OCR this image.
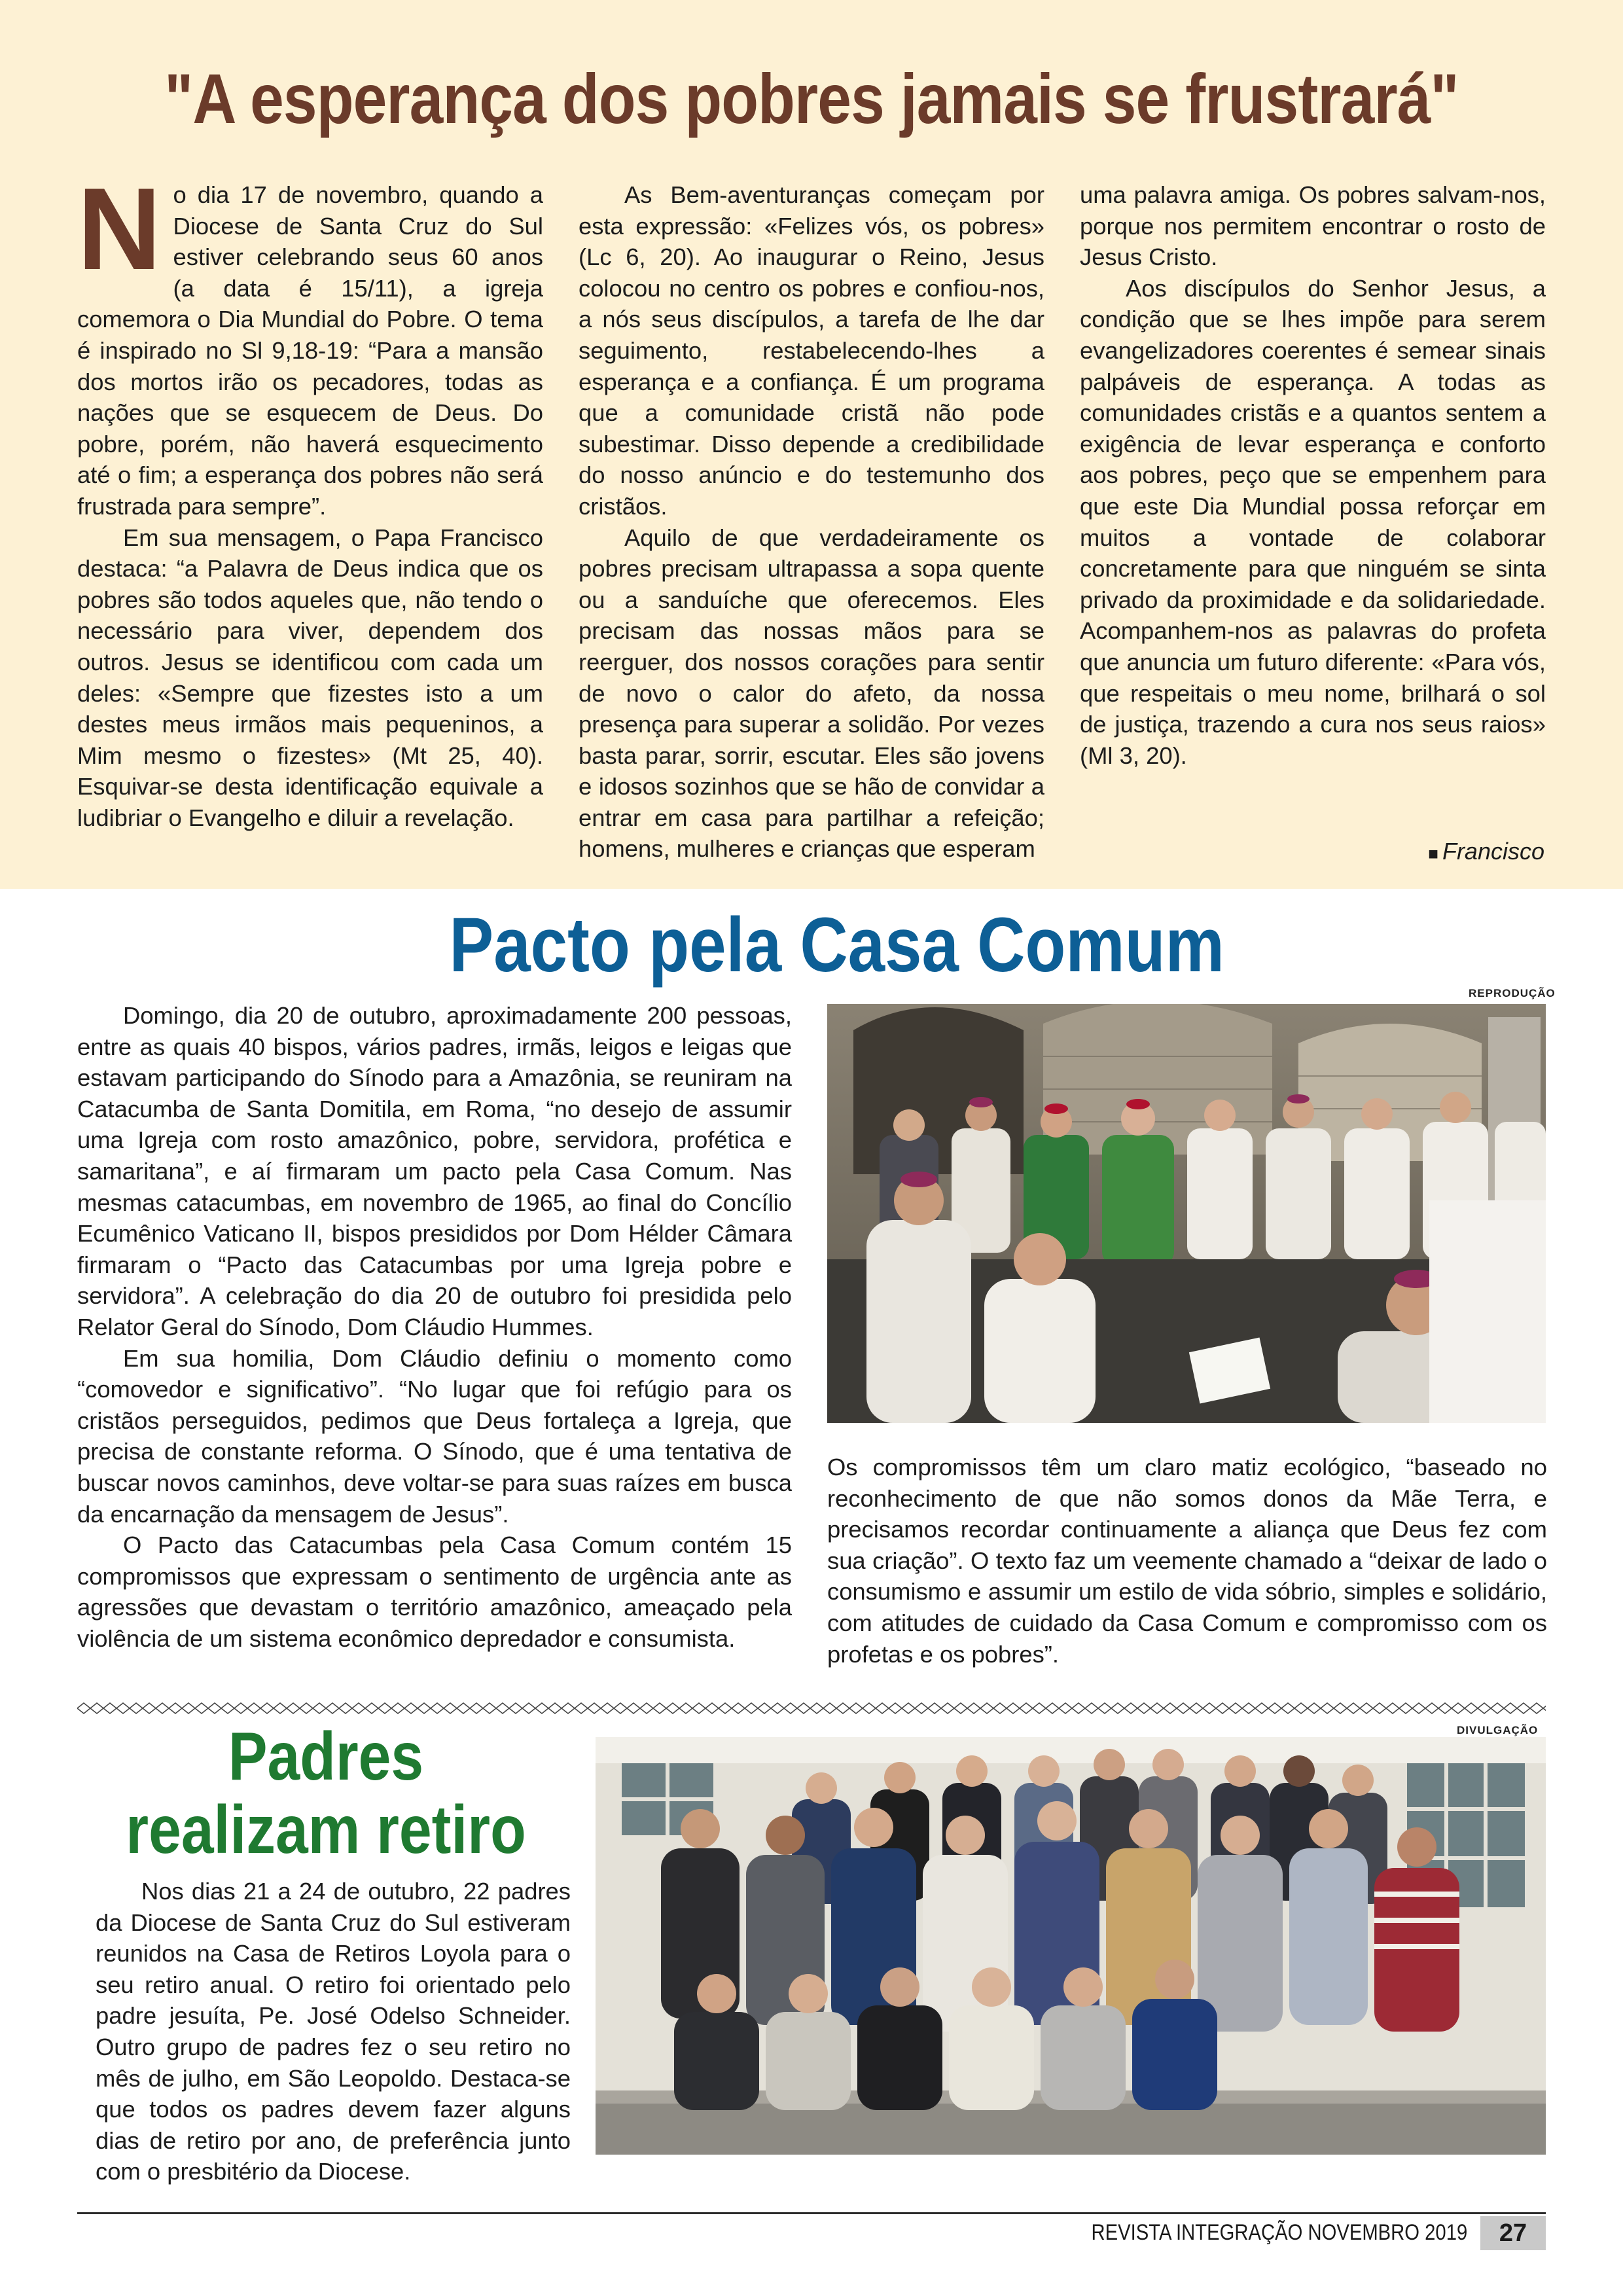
"A esperança dos pobres jamais se frustrará"
N o dia 17 de novembro, quando a Diocese de Santa Cruz do Sul estiver celebrando seus 60 anos (a data é 15/11), a igreja comemora o Dia Mundial do Pobre. O tema é inspirado no Sl 9,18-19: “Para a mansão dos mortos irão os pecadores, todas as nações que se esquecem de Deus. Do pobre, porém, não haverá esquecimento até o fim; a esperança dos pobres não será frustrada para sempre”.

Em sua mensagem, o Papa Francisco destaca: “a Palavra de Deus indica que os pobres são todos aqueles que, não tendo o necessário para viver, dependem dos outros. Jesus se identificou com cada um deles: «Sempre que fizestes isto a um destes meus irmãos mais pequeninos, a Mim mesmo o fizestes» (Mt 25, 40). Esquivar-se desta identificação equivale a ludibriar o Evangelho e diluir a revelação.

As Bem-aventuranças começam por esta expressão: «Felizes vós, os pobres» (Lc 6, 20). Ao inaugurar o Reino, Jesus colocou no centro os pobres e confiou-nos, a nós seus discípulos, a tarefa de lhe dar seguimento, restabelecendo-lhes a esperança e a confiança. É um programa que a comunidade cristã não pode subestimar. Disso depende a credibilidade do nosso anúncio e do testemunho dos cristãos.

Aquilo de que verdadeiramente os pobres precisam ultrapassa a sopa quente ou a sanduíche que oferecemos. Eles precisam das nossas mãos para se reerguer, dos nossos corações para sentir de novo o calor do afeto, da nossa presença para superar a solidão. Por vezes basta parar, sorrir, escutar. Eles são jovens e idosos sozinhos que se hão de convidar a entrar em casa para partilhar a refeição; homens, mulheres e crianças que esperam

uma palavra amiga. Os pobres salvam-nos, porque nos permitem encontrar o rosto de Jesus Cristo.

Aos discípulos do Senhor Jesus, a condição que se lhes impõe para serem evangelizadores coerentes é semear sinais palpáveis de esperança. A todas as comunidades cristãs e a quantos sentem a exigência de levar esperança e conforto aos pobres, peço que se empenhem para que este Dia Mundial possa reforçar em muitos a vontade de colaborar concretamente para que ninguém se sinta privado da proximidade e da solidariedade. Acompanhem-nos as palavras do profeta que anuncia um futuro diferente: «Para vós, que respeitais o meu nome, brilhará o sol de justiça, trazendo a cura nos seus raios» (Ml 3, 20).

■ Francisco
Pacto pela Casa Comum
REPRODUÇÃO

Domingo, dia 20 de outubro, aproximadamente 200 pessoas, entre as quais 40 bispos, vários padres, irmãs, leigos e leigas que estavam participando do Sínodo para a Amazônia, se reuniram na Catacumba de Santa Domitila, em Roma, “no desejo de assumir uma Igreja com rosto amazônico, pobre, servidora, profética e samaritana”, e aí firmaram um pacto pela Casa Comum. Nas mesmas catacumbas, em novembro de 1965, ao final do Concílio Ecumênico Vaticano II, bispos presididos por Dom Hélder Câmara firmaram o “Pacto das Catacumbas por uma Igreja pobre e servidora”. A celebração do dia 20 de outubro foi presidida pelo Relator Geral do Sínodo, Dom Cláudio Hummes.

Em sua homilia, Dom Cláudio definiu o momento como “comovedor e significativo”. “No lugar que foi refúgio para os cristãos perseguidos, pedimos que Deus fortaleça a Igreja, que precisa de constante reforma. O Sínodo, que é uma tentativa de buscar novos caminhos, deve voltar-se para suas raízes em busca da encarnação da mensagem de Jesus”.

O Pacto das Catacumbas pela Casa Comum contém 15 compromissos que expressam o sentimento de urgência ante as agressões que devastam o território amazônico, ameaçado pela violência de um sistema econômico depredador e consumista.

Os compromissos têm um claro matiz ecológico, “baseado no reconhecimento de que não somos donos da Mãe Terra, e precisamos recordar continuamente a aliança que Deus fez com sua criação”. O texto faz um veemente chamado a “deixar de lado o consumismo e assumir um estilo de vida sóbrio, simples e solidário, com atitudes de cuidado da Casa Comum e compromisso com os profetas e os pobres”.

Padres
realizam retiro

Nos dias 21 a 24 de outubro, 22 padres da Diocese de Santa Cruz do Sul estiveram reunidos na Casa de Retiros Loyola para o seu retiro anual. O retiro foi orientado pelo padre jesuíta, Pe. José Odelso Schneider. Outro grupo de padres fez o seu retiro no mês de julho, em São Leopoldo. Destaca-se que todos os padres devem fazer alguns dias de retiro por ano, de preferência junto com o presbitério da Diocese.

DIVULGAÇÃO
REVISTA INTEGRAÇÃO NOVEMBRO 2019	27
